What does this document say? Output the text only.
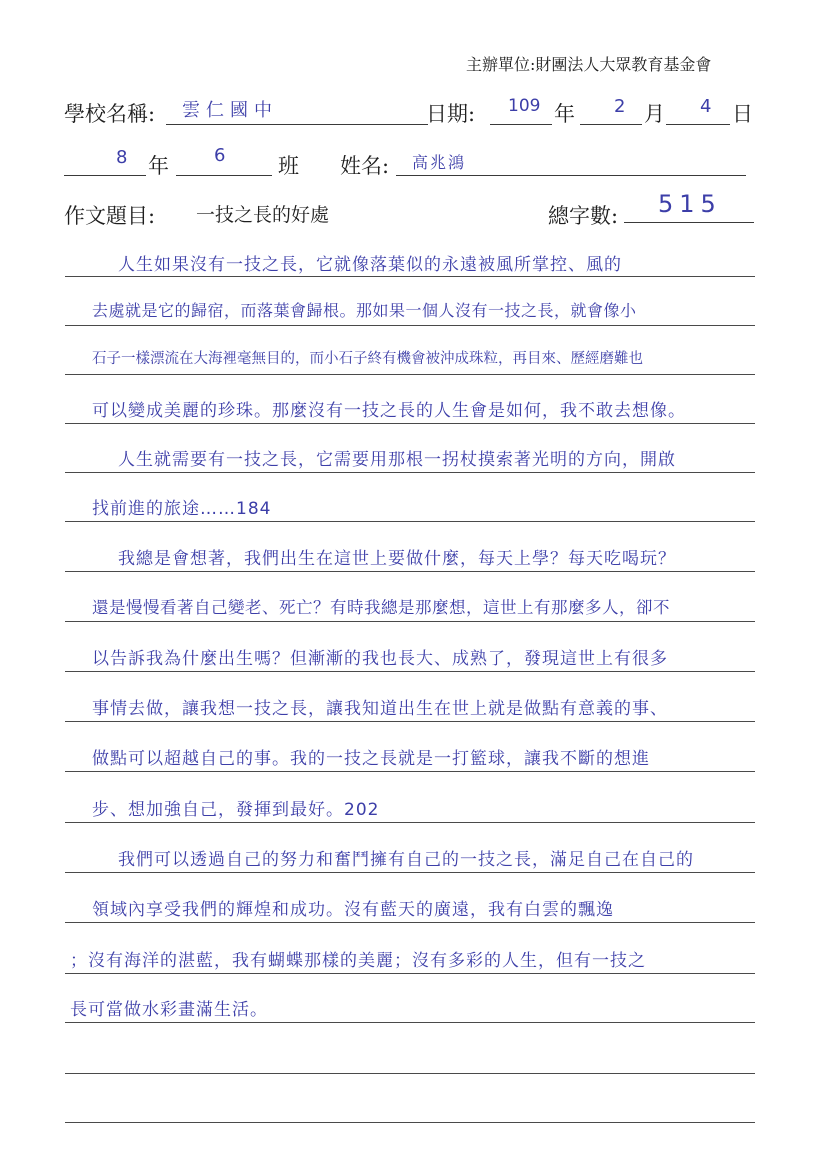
主辦單位:財團法人大眾教育基金會
學校名稱: 雲仁國中	日期: 109 年 2 月 4 日
8 年	6	班 姓名: 高兆鴻
作文題目: 一技之長的好處	總字數: 515
人生如果沒有一技之長，它就像落葉似的永遠被風所掌控、風的
去處就是它的歸宿，而落葉會歸根。那如果一個人沒有一技之長，就會像小
石子一樣漂流在大海裡毫無目的，而小石子終有機會被沖成珠粒，再目來、歷經磨難也
可以變成美麗的珍珠。那麼沒有一技之長的人生會是如何，我不敢去想像。
人生就需要有一技之長，它需要用那根一拐杖摸索著光明的方向，開啟
找前進的旅途……184
我總是會想著，我們出生在這世上要做什麼，每天上學？每天吃喝玩？
還是慢慢看著自己變老、死亡？有時我總是那麼想，這世上有那麼多人，卻不
以告訴我為什麼出生嗎？但漸漸的我也長大、成熟了，發現這世上有很多
事情去做，讓我想一技之長，讓我知道出生在世上就是做點有意義的事、
做點可以超越自己的事。我的一技之長就是一打籃球，讓我不斷的想進
步、想加強自己，發揮到最好。202
我們可以透過自己的努力和奮鬥擁有自己的一技之長，滿足自己在自己的
領域內享受我們的輝煌和成功。沒有藍天的廣遠，我有白雲的飄逸
；沒有海洋的湛藍，我有蝴蝶那樣的美麗；沒有多彩的人生，但有一技之
長可當做水彩畫滿生活。
